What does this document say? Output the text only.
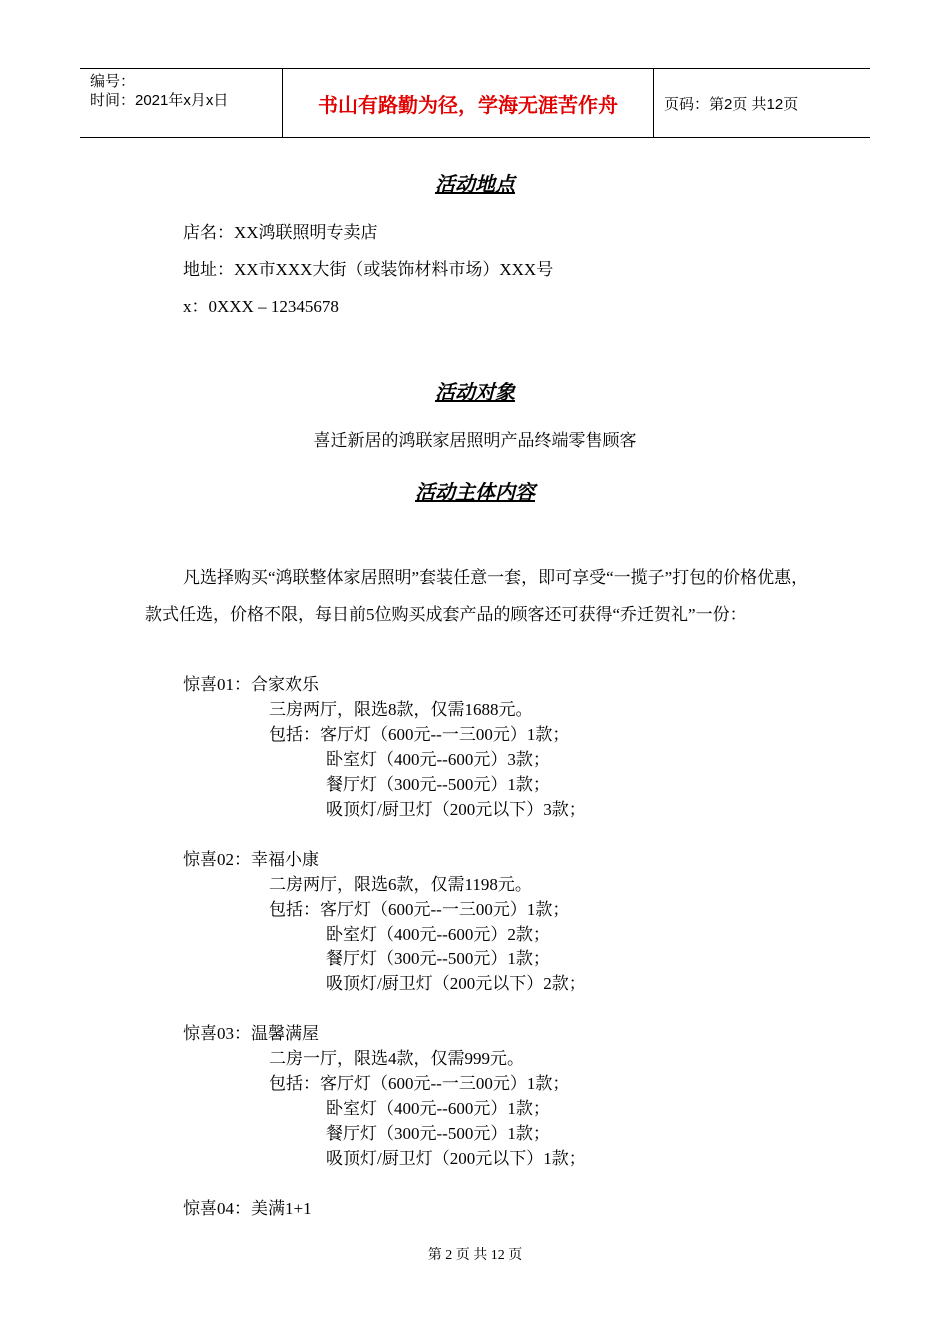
编号：
时间：2021年x月x日	书山有路勤为径，学海无涯苦作舟	页码：第2页 共12页
活动地点
店名：XX鸿联照明专卖店
地址：XX市XXX大街（或装饰材料市场）XXX号
x：0XXX – 12345678
活动对象
喜迁新居的鸿联家居照明产品终端零售顾客
活动主体内容
凡选择购买“鸿联整体家居照明”套装任意一套，即可享受“一揽子”打包的价格优惠，款式任选，价格不限，每日前5位购买成套产品的顾客还可获得“乔迁贺礼”一份：
惊喜01：合家欢乐
三房两厅，限选8款，仅需1688元。
包括：客厅灯（600元--一三00元）1款；
卧室灯（400元--600元）3款；
餐厅灯（300元--500元）1款；
吸顶灯/厨卫灯（200元以下）3款；
惊喜02：幸福小康
二房两厅，限选6款，仅需1198元。
包括：客厅灯（600元--一三00元）1款；
卧室灯（400元--600元）2款；
餐厅灯（300元--500元）1款；
吸顶灯/厨卫灯（200元以下）2款；
惊喜03：温馨满屋
二房一厅，限选4款，仅需999元。
包括：客厅灯（600元--一三00元）1款；
卧室灯（400元--600元）1款；
餐厅灯（300元--500元）1款；
吸顶灯/厨卫灯（200元以下）1款；
惊喜04：美满1+1
第 2 页 共 12 页
